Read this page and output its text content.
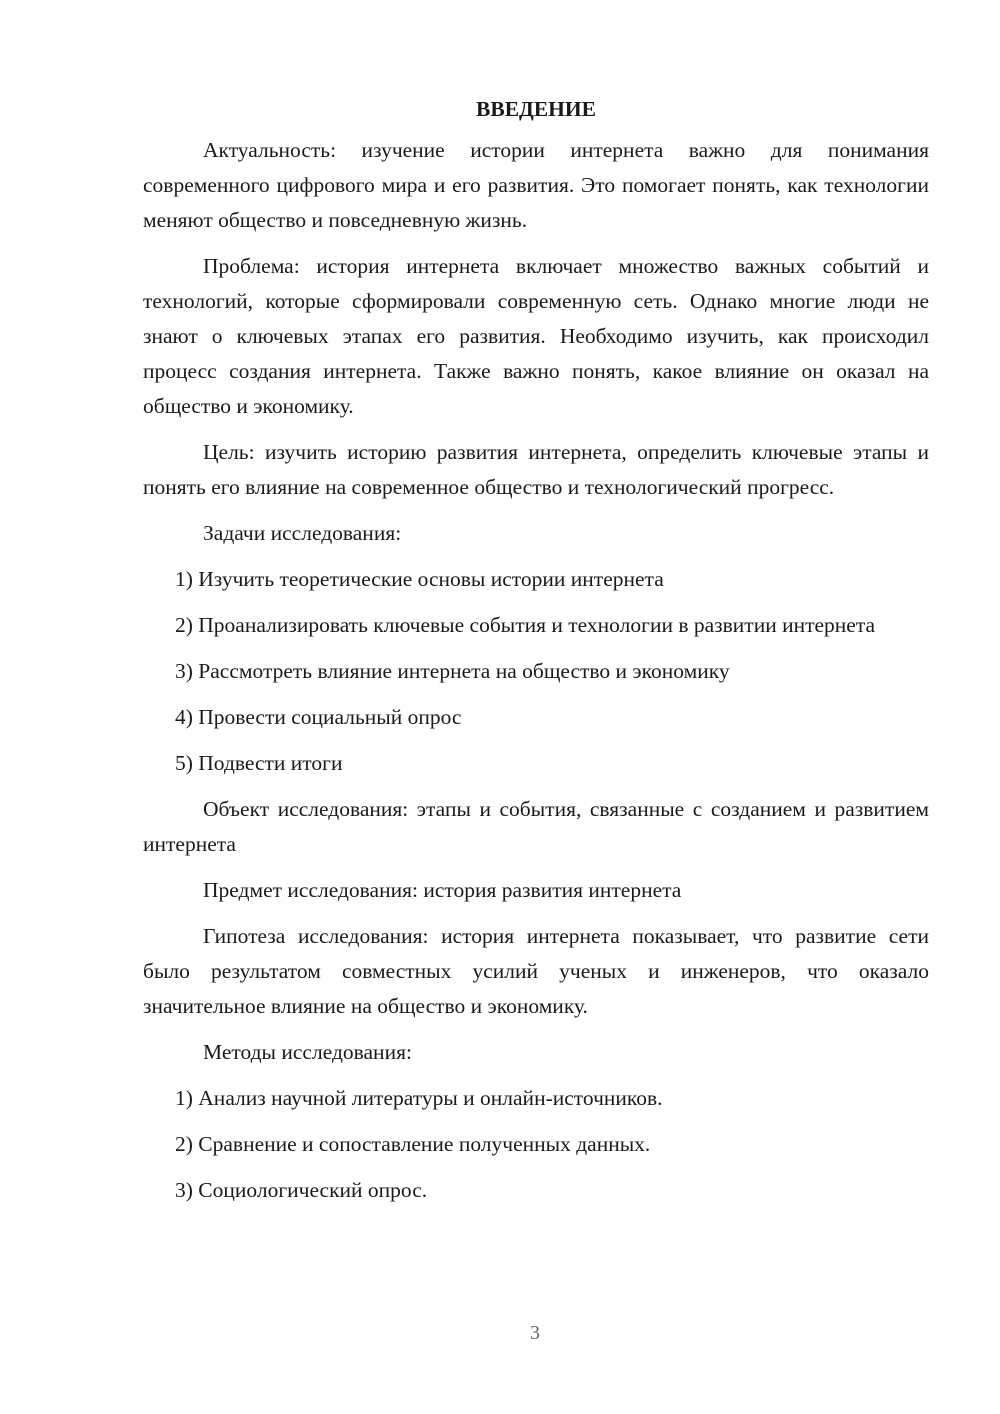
ВВЕДЕНИЕ

Актуальность: изучение истории интернета важно для понимания современного цифрового мира и его развития. Это помогает понять, как технологии меняют общество и повседневную жизнь.

Проблема: история интернета включает множество важных событий и технологий, которые сформировали современную сеть. Однако многие люди не знают о ключевых этапах его развития. Необходимо изучить, как происходил процесс создания интернета. Также важно понять, какое влияние он оказал на общество и экономику.

Цель: изучить историю развития интернета, определить ключевые этапы и понять его влияние на современное общество и технологический прогресс.

Задачи исследования:

1) Изучить теоретические основы истории интернета

2) Проанализировать ключевые события и технологии в развитии интернета

3) Рассмотреть влияние интернета на общество и экономику

4) Провести социальный опрос

5) Подвести итоги

Объект исследования: этапы и события, связанные с созданием и развитием интернета

Предмет исследования: история развития интернета

Гипотеза исследования: история интернета показывает, что развитие сети было результатом совместных усилий ученых и инженеров, что оказало значительное влияние на общество и экономику.

Методы исследования:

1) Анализ научной литературы и онлайн-источников.

2) Сравнение и сопоставление полученных данных.

3) Социологический опрос.

3
